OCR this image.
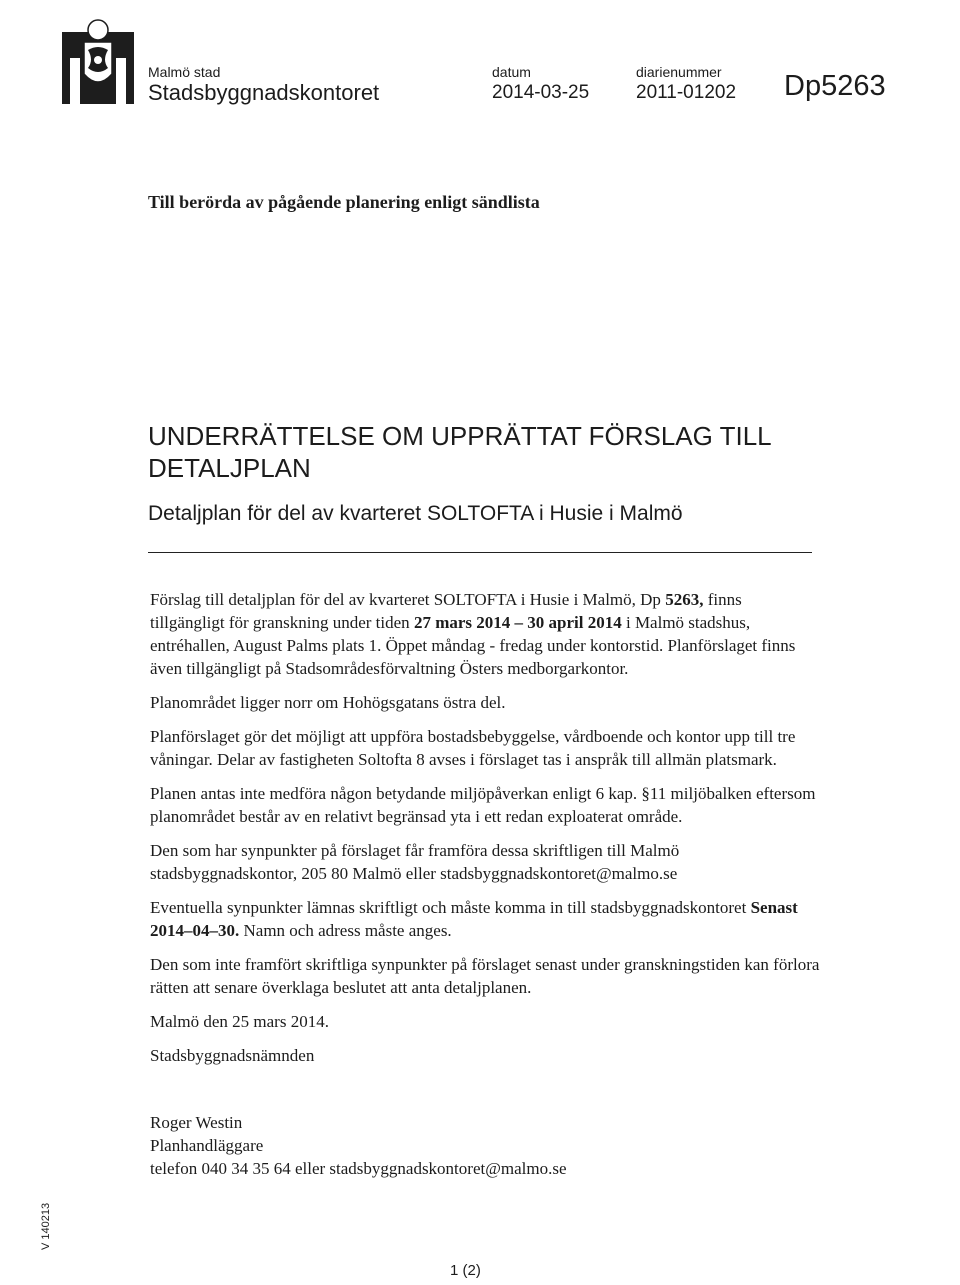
Malmö stad
Stadsbyggnadskontoret
datum
2014-03-25
diarienummer
2011-01202 Dp5263
Till berörda av pågående planering enligt sändlista
UNDERRÄTTELSE OM UPPRÄTTAT FÖRSLAG TILL DETALJPLAN
Detaljplan för del av kvarteret SOLTOFTA i Husie i Malmö

Förslag till detaljplan för del av kvarteret SOLTOFTA i Husie i Malmö, Dp 5263, finns tillgängligt för granskning under tiden 27 mars 2014 – 30 april 2014 i Malmö stadshus, entréhallen, August Palms plats 1. Öppet måndag - fredag under kontorstid. Planförslaget finns även tillgängligt på Stadsområdesförvaltning Östers medborgarkontor.

Planområdet ligger norr om Hohögsgatans östra del.

Planförslaget gör det möjligt att uppföra bostadsbebyggelse, vårdboende och kontor upp till tre våningar. Delar av fastigheten Soltofta 8 avses i förslaget tas i anspråk till allmän platsmark.

Planen antas inte medföra någon betydande miljöpåverkan enligt 6 kap. §11 miljöbalken eftersom planområdet består av en relativt begränsad yta i ett redan exploaterat område.

Den som har synpunkter på förslaget får framföra dessa skriftligen till Malmö stadsbyggnadskontor, 205 80 Malmö eller stadsbyggnadskontoret@malmo.se

Eventuella synpunkter lämnas skriftligt och måste komma in till stadsbyggnadskontoret Senast 2014–04–30. Namn och adress måste anges.

Den som inte framfört skriftliga synpunkter på förslaget senast under granskningstiden kan förlora rätten att senare överklaga beslutet att anta detaljplanen.

Malmö den 25 mars 2014.

Stadsbyggnadsnämnden

Roger Westin
Planhandläggare
telefon 040 34 35 64 eller stadsbyggnadskontoret@malmo.se
1 (2)
V 140213
